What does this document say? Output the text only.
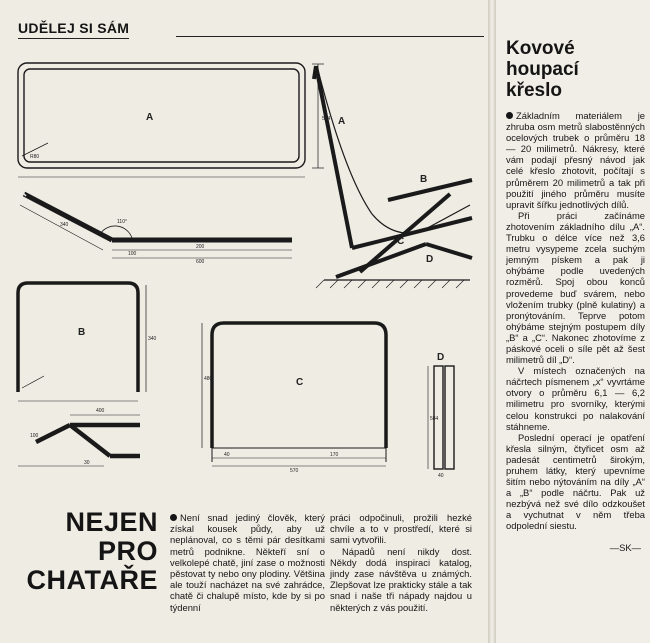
UDĚLEJ SI SÁM
A
B
C
D
A
B
C
D
564
R80
110°
340
100
200
600
340
400
100
30
480
570
40	170
584
40
NEJEN
PRO
CHATAŘE

Není snad jediný člověk, který získal kousek půdy, aby už neplánoval, co s těmi pár desítkami metrů podnikne. Někteří sní o velkolepé chatě, jiní zase o možnosti pěstovat ty nebo ony plodiny. Většina ale touží nacházet na své zahrádce, chatě či chalupě místo, kde by si po týdenní

práci odpočinuli, prožili hezké chvíle a to v prostředí, které si sami vytvořili.

Nápadů není nikdy dost. Někdy dodá inspiraci katalog, jindy zase návštěva u známých. Zlepšovat lze prakticky stále a tak snad i naše tři nápady najdou u některých z vás použití.

Kovové
houpací
křeslo

Základním materiálem je zhruba osm metrů slabostěnných ocelových trubek o průměru 18 — 20 milimetrů. Nákresy, které vám podají přesný návod jak celé křeslo zhotovit, počítají s průměrem 20 milimetrů a tak při použití jiného průměru musíte upravit šířku jednotlivých dílů.

Při práci začínáme zhotovením základního dílu „A“. Trubku o délce více než 3,6 metru vysypeme zcela suchým jemným pískem a pak ji ohýbáme podle uvedených rozměrů. Spoj obou konců provedeme buď svárem, nebo vložením trubky (plně kulatiny) a pronýtováním. Teprve potom ohýbáme stejným postupem díly „B“ a „C“. Nakonec zhotovíme z páskové oceli o síle pět až šest milimetrů díl „D“.

V místech označených na náčrtech písmenem „x“ vyvrtáme otvory o průměru 6,1 — 6,2 milimetru pro svorníky, kterými celou konstrukci po nalakování stáhneme.

Poslední operací je opatření křesla silným, čtyřicet osm až padesát centimetrů širokým, pruhem látky, který upevníme šitím nebo nýtováním na díly „A“ a „B“ podle náčrtu. Pak už nezbývá než své dílo odzkoušet a vychutnat v něm třeba odpolední siestu.

—SK—
